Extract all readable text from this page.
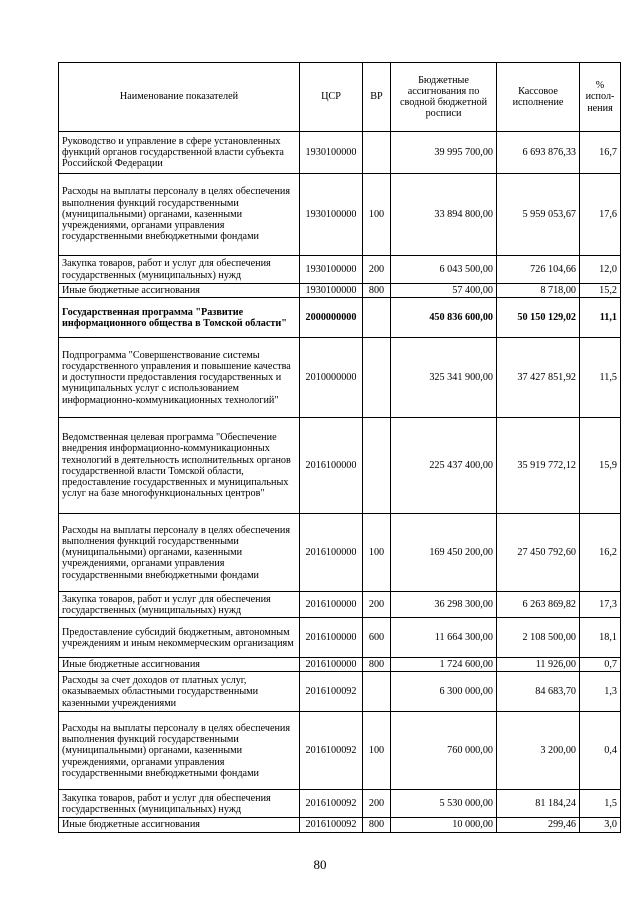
Наименование показателей	ЦСР	ВР	Бюджетные ассигнования по сводной бюджетной росписи	Кассовое исполнение	% испол-нения
Руководство и управление в сфере установленных функций органов государственной власти субъекта Российской Федерации	1930100000		39 995 700,00	6 693 876,33	16,7
Расходы на выплаты персоналу в целях обеспечения выполнения функций государственными (муниципальными) органами, казенными учреждениями, органами управления государственными внебюджетными фондами	1930100000	100	33 894 800,00	5 959 053,67	17,6
Закупка товаров, работ и услуг для обеспечения государственных (муниципальных) нужд	1930100000	200	6 043 500,00	726 104,66	12,0
Иные бюджетные ассигнования	1930100000	800	57 400,00	8 718,00	15,2
Государственная программа "Развитие информационного общества в Томской области"	2000000000		450 836 600,00	50 150 129,02	11,1
Подпрограмма "Совершенствование системы государственного управления и повышение качества и доступности предоставления государственных и муниципальных услуг с использованием информационно-коммуникационных технологий"	2010000000		325 341 900,00	37 427 851,92	11,5
Ведомственная целевая программа "Обеспечение внедрения информационно-коммуникационных технологий в деятельность исполнительных органов государственной власти Томской области, предоставление государственных и муниципальных услуг на базе многофункциональных центров"	2016100000		225 437 400,00	35 919 772,12	15,9
Расходы на выплаты персоналу в целях обеспечения выполнения функций государственными (муниципальными) органами, казенными учреждениями, органами управления государственными внебюджетными фондами	2016100000	100	169 450 200,00	27 450 792,60	16,2
Закупка товаров, работ и услуг для обеспечения государственных (муниципальных) нужд	2016100000	200	36 298 300,00	6 263 869,82	17,3
Предоставление субсидий бюджетным, автономным учреждениям и иным некоммерческим организациям	2016100000	600	11 664 300,00	2 108 500,00	18,1
Иные бюджетные ассигнования	2016100000	800	1 724 600,00	11 926,00	0,7
Расходы за счет доходов от платных услуг, оказываемых областными государственными казенными учреждениями	2016100092		6 300 000,00	84 683,70	1,3
Расходы на выплаты персоналу в целях обеспечения выполнения функций государственными (муниципальными) органами, казенными учреждениями, органами управления государственными внебюджетными фондами	2016100092	100	760 000,00	3 200,00	0,4
Закупка товаров, работ и услуг для обеспечения государственных (муниципальных) нужд	2016100092	200	5 530 000,00	81 184,24	1,5
Иные бюджетные ассигнования	2016100092	800	10 000,00	299,46	3,0
80
